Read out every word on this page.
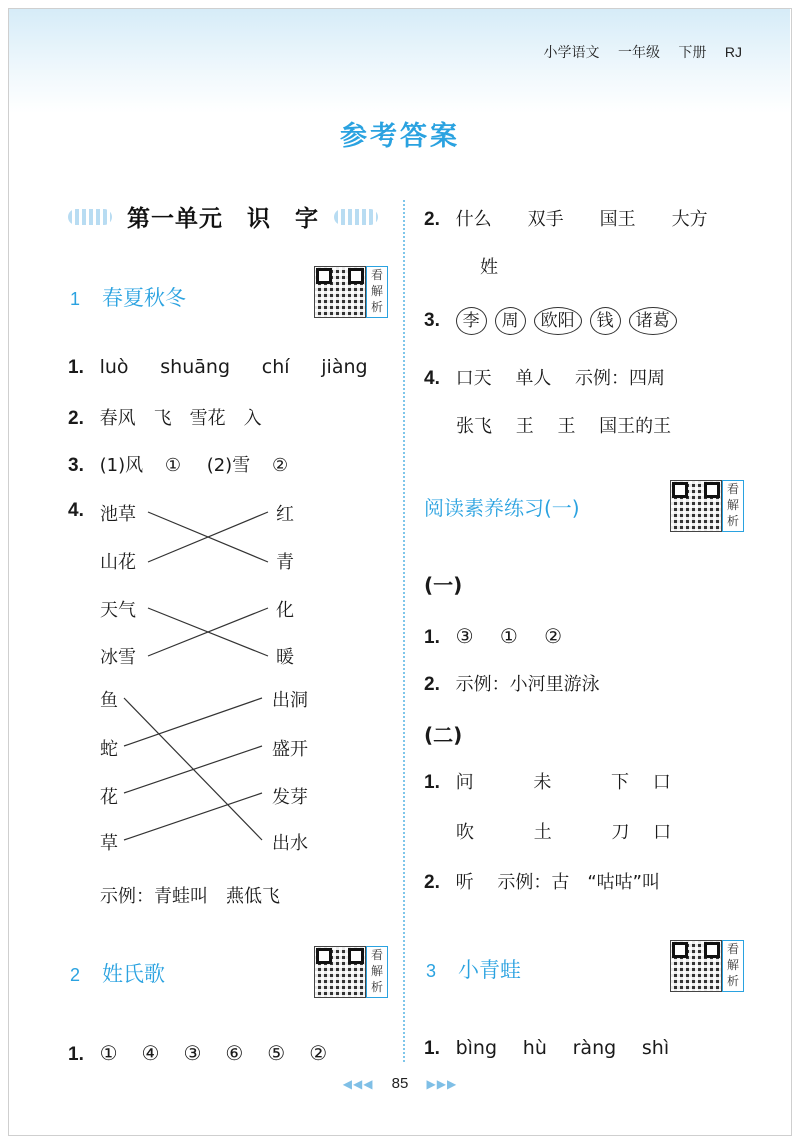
小学语文 一年级 下册 RJ
参考答案
第一单元　识　字
1 春夏秋冬
看解析
1. luò shuāng chí jiàng
2. 春风　飞　雪花　入
3. (1)风 ① (2)雪 ②
4. 池草
山花
天气
冰雪
鱼
蛇
花
草
红
青
化
暖
出洞
盛开
发芽
出水
示例：青蛙叫　燕低飞
2 姓氏歌
看解析
1. ①　④　③　⑥　⑤　②
2. 什么　　双手　　国王　　大方
姓
3. 李 周 欧阳 钱 诸葛
4. 口天　 单人　 示例：四周
张飞　 王　 王　 国王的王
阅读素养练习(一)
看解析
(一)
1. ③　 ①　 ②
2. 示例：小河里游泳
(二)
1. 问　　　 未　　　 下　 口
吹　　　 土　　　 刀　 口
2. 听　 示例：古　“咕咕”叫
3 小青蛙
看解析
1. bìng hù ràng shì
◀◀◀ 85 ▶▶▶
